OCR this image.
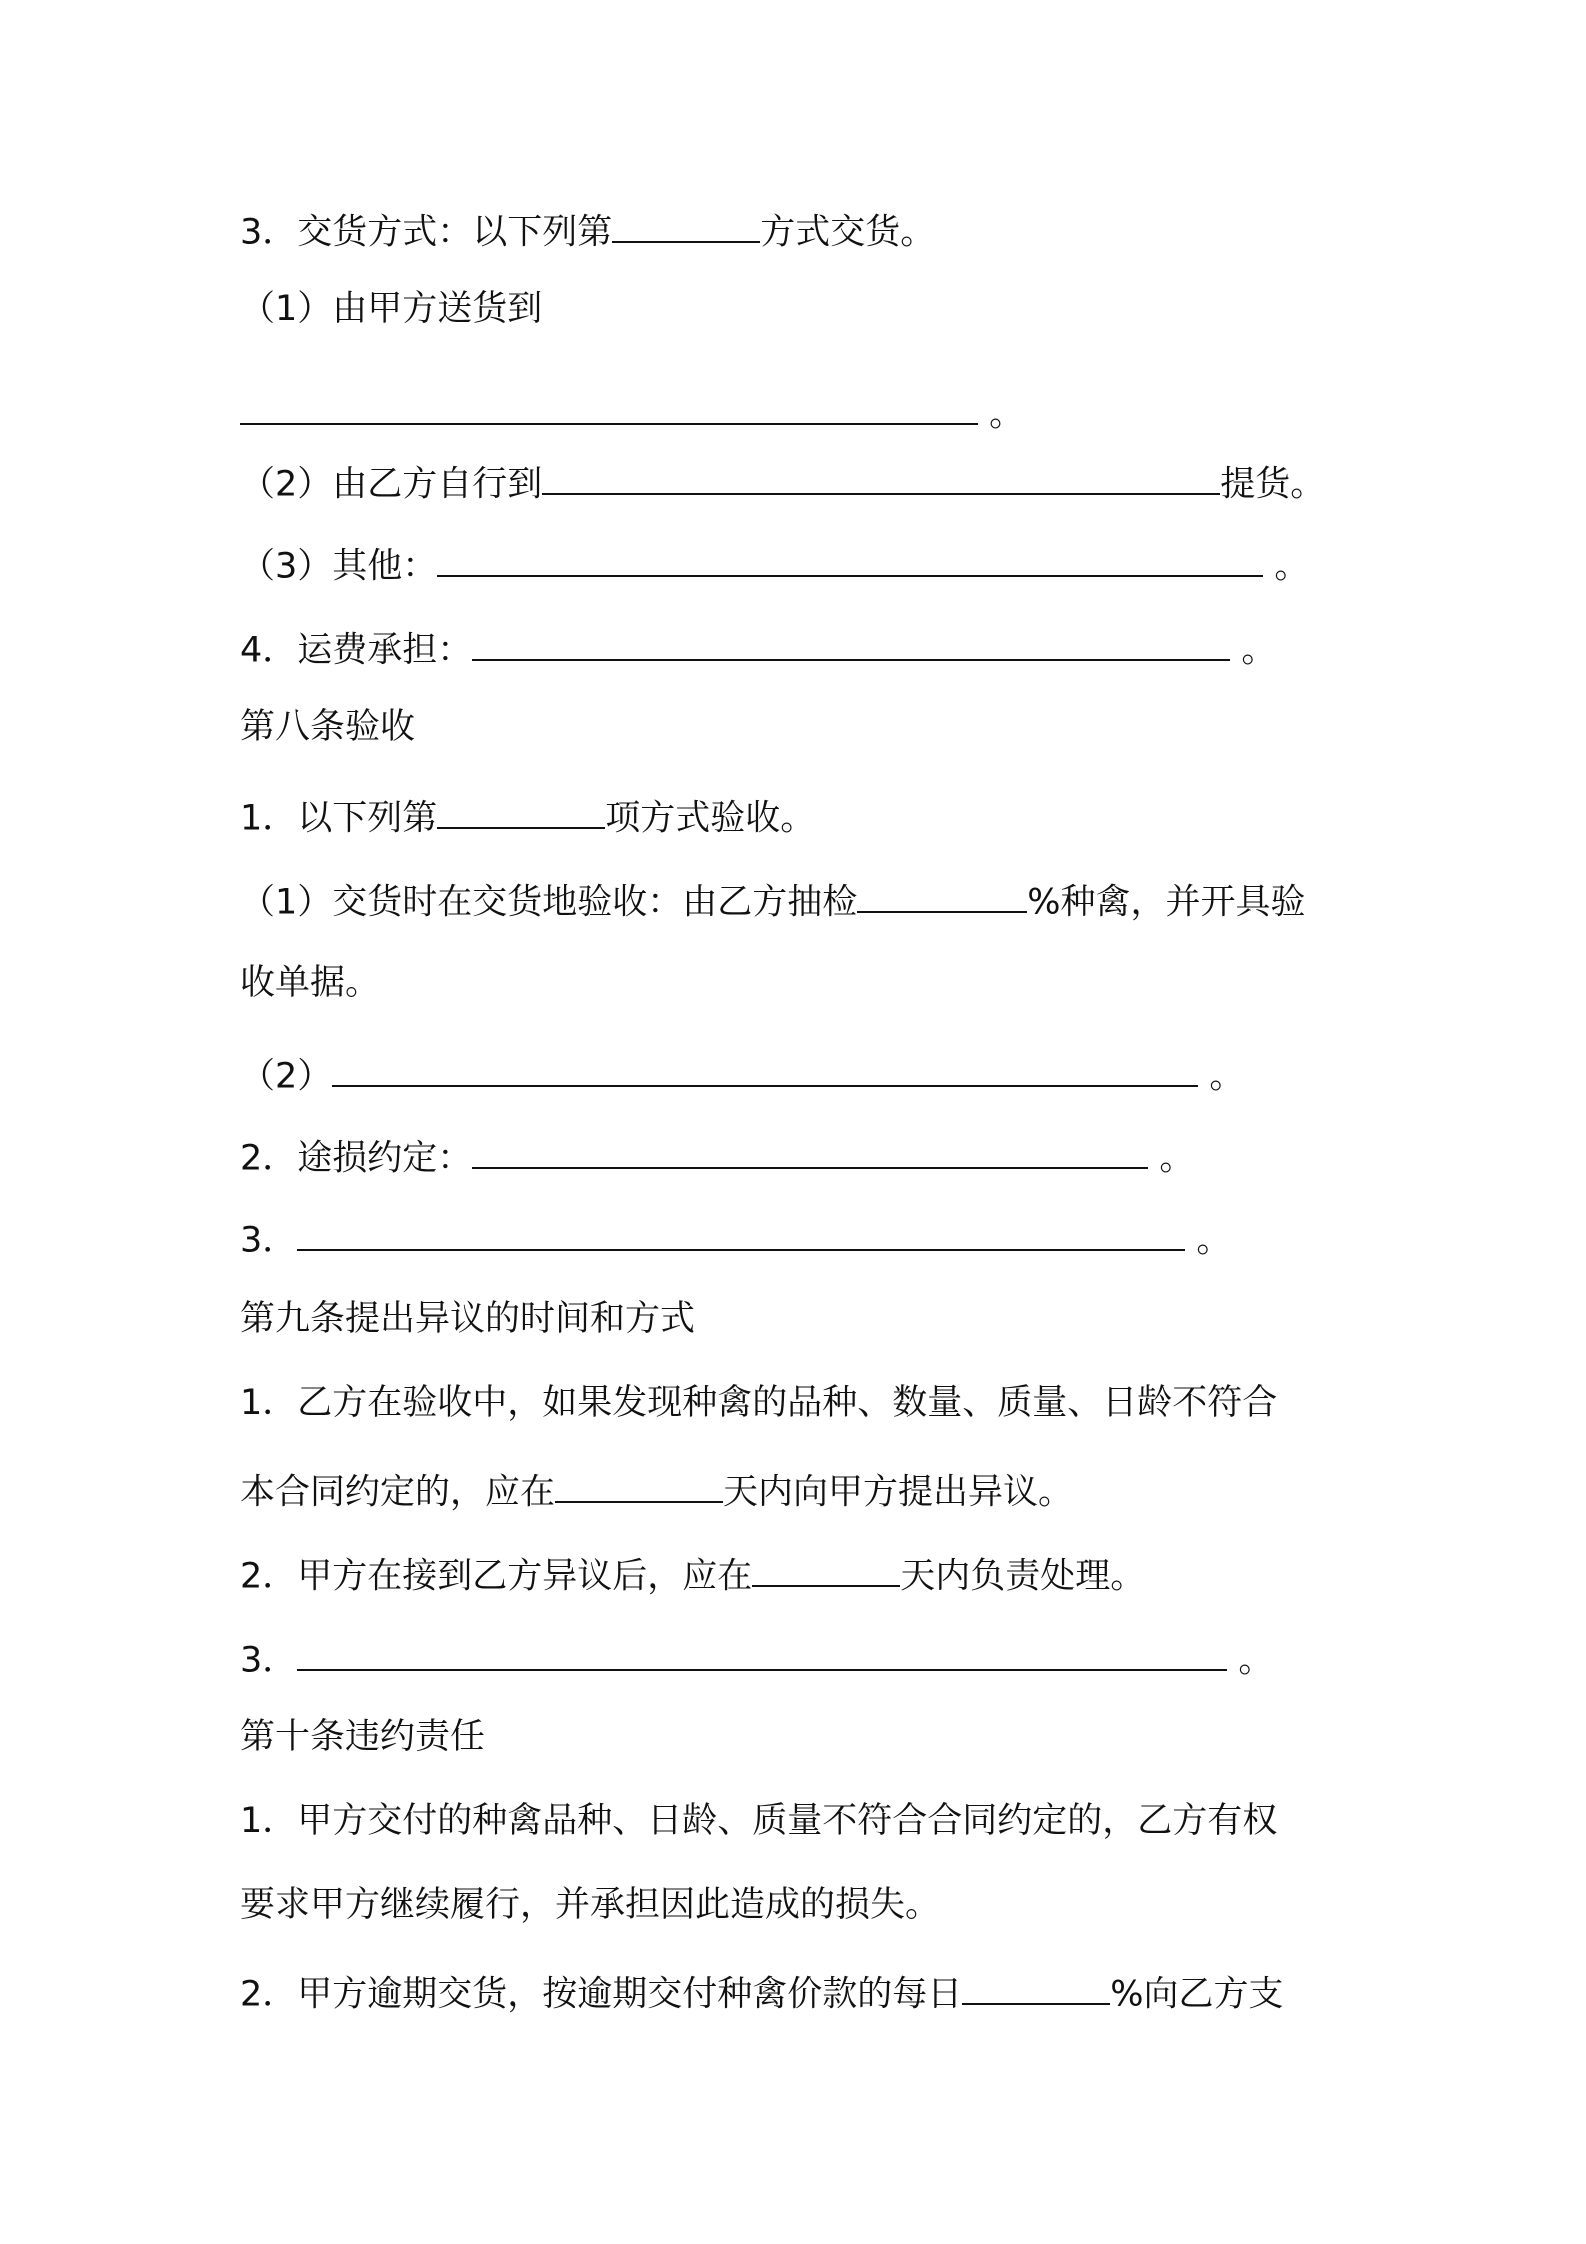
3．交货方式：以下列第	方式交货。
（1）由甲方送货到
。
（2）由乙方自行到	提货。
（3）其他：	。
4．运费承担：	。
第八条验收
1．以下列第	项方式验收。
（1）交货时在交货地验收：由乙方抽检	%种禽，并开具验
收单据。
（2）	。
2．途损约定：	。
3．	。
第九条提出异议的时间和方式
1．乙方在验收中，如果发现种禽的品种、数量、质量、日龄不符合
本合同约定的，应在	天内向甲方提出异议。
2．甲方在接到乙方异议后，应在	天内负责处理。
3．	。
第十条违约责任
1．甲方交付的种禽品种、日龄、质量不符合合同约定的，乙方有权
要求甲方继续履行，并承担因此造成的损失。
2．甲方逾期交货，按逾期交付种禽价款的每日	%向乙方支
